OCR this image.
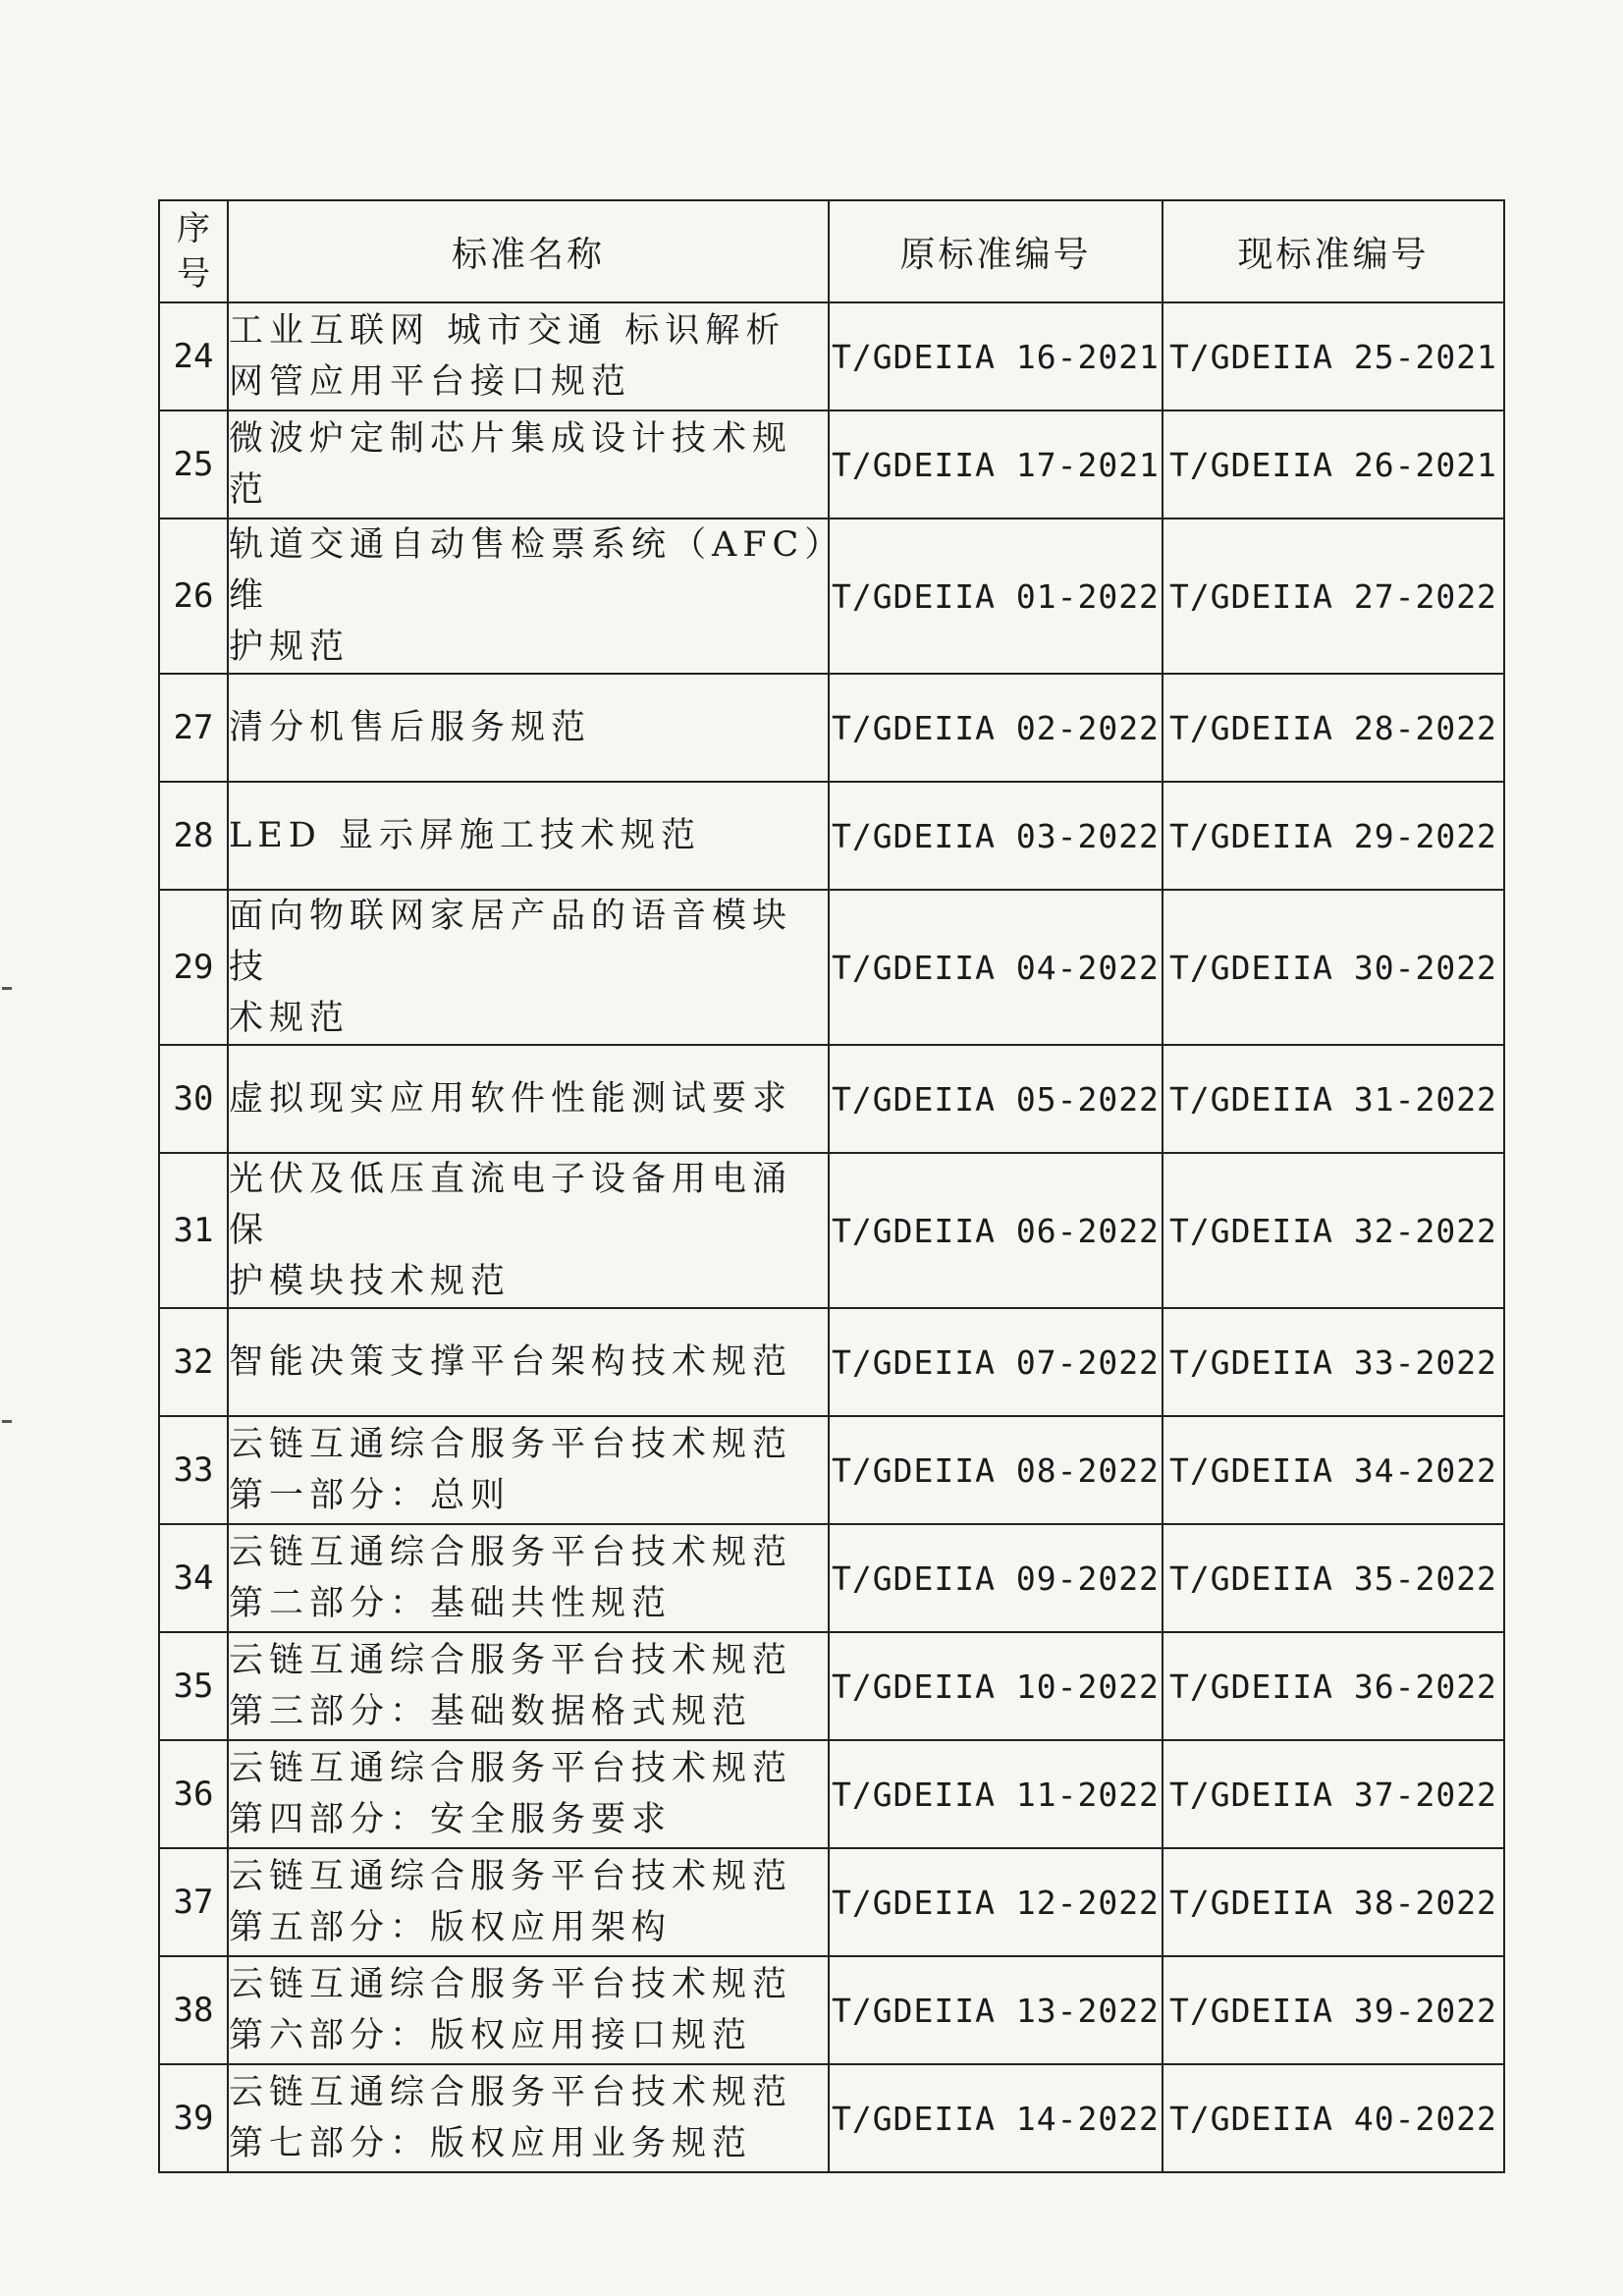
序
号	标准名称	原标准编号	现标准编号
24	工业互联网 城市交通 标识解析
网管应用平台接口规范	T/GDEIIA 16-2021	T/GDEIIA 25-2021
25	微波炉定制芯片集成设计技术规范	T/GDEIIA 17-2021	T/GDEIIA 26-2021
26	轨道交通自动售检票系统（AFC）维
护规范	T/GDEIIA 01-2022	T/GDEIIA 27-2022
27	清分机售后服务规范	T/GDEIIA 02-2022	T/GDEIIA 28-2022
28	LED 显示屏施工技术规范	T/GDEIIA 03-2022	T/GDEIIA 29-2022
29	面向物联网家居产品的语音模块技
术规范	T/GDEIIA 04-2022	T/GDEIIA 30-2022
30	虚拟现实应用软件性能测试要求	T/GDEIIA 05-2022	T/GDEIIA 31-2022
31	光伏及低压直流电子设备用电涌保
护模块技术规范	T/GDEIIA 06-2022	T/GDEIIA 32-2022
32	智能决策支撑平台架构技术规范	T/GDEIIA 07-2022	T/GDEIIA 33-2022
33	云链互通综合服务平台技术规范
第一部分：总则	T/GDEIIA 08-2022	T/GDEIIA 34-2022
34	云链互通综合服务平台技术规范
第二部分：基础共性规范	T/GDEIIA 09-2022	T/GDEIIA 35-2022
35	云链互通综合服务平台技术规范
第三部分：基础数据格式规范	T/GDEIIA 10-2022	T/GDEIIA 36-2022
36	云链互通综合服务平台技术规范
第四部分：安全服务要求	T/GDEIIA 11-2022	T/GDEIIA 37-2022
37	云链互通综合服务平台技术规范
第五部分：版权应用架构	T/GDEIIA 12-2022	T/GDEIIA 38-2022
38	云链互通综合服务平台技术规范
第六部分：版权应用接口规范	T/GDEIIA 13-2022	T/GDEIIA 39-2022
39	云链互通综合服务平台技术规范
第七部分：版权应用业务规范	T/GDEIIA 14-2022	T/GDEIIA 40-2022
